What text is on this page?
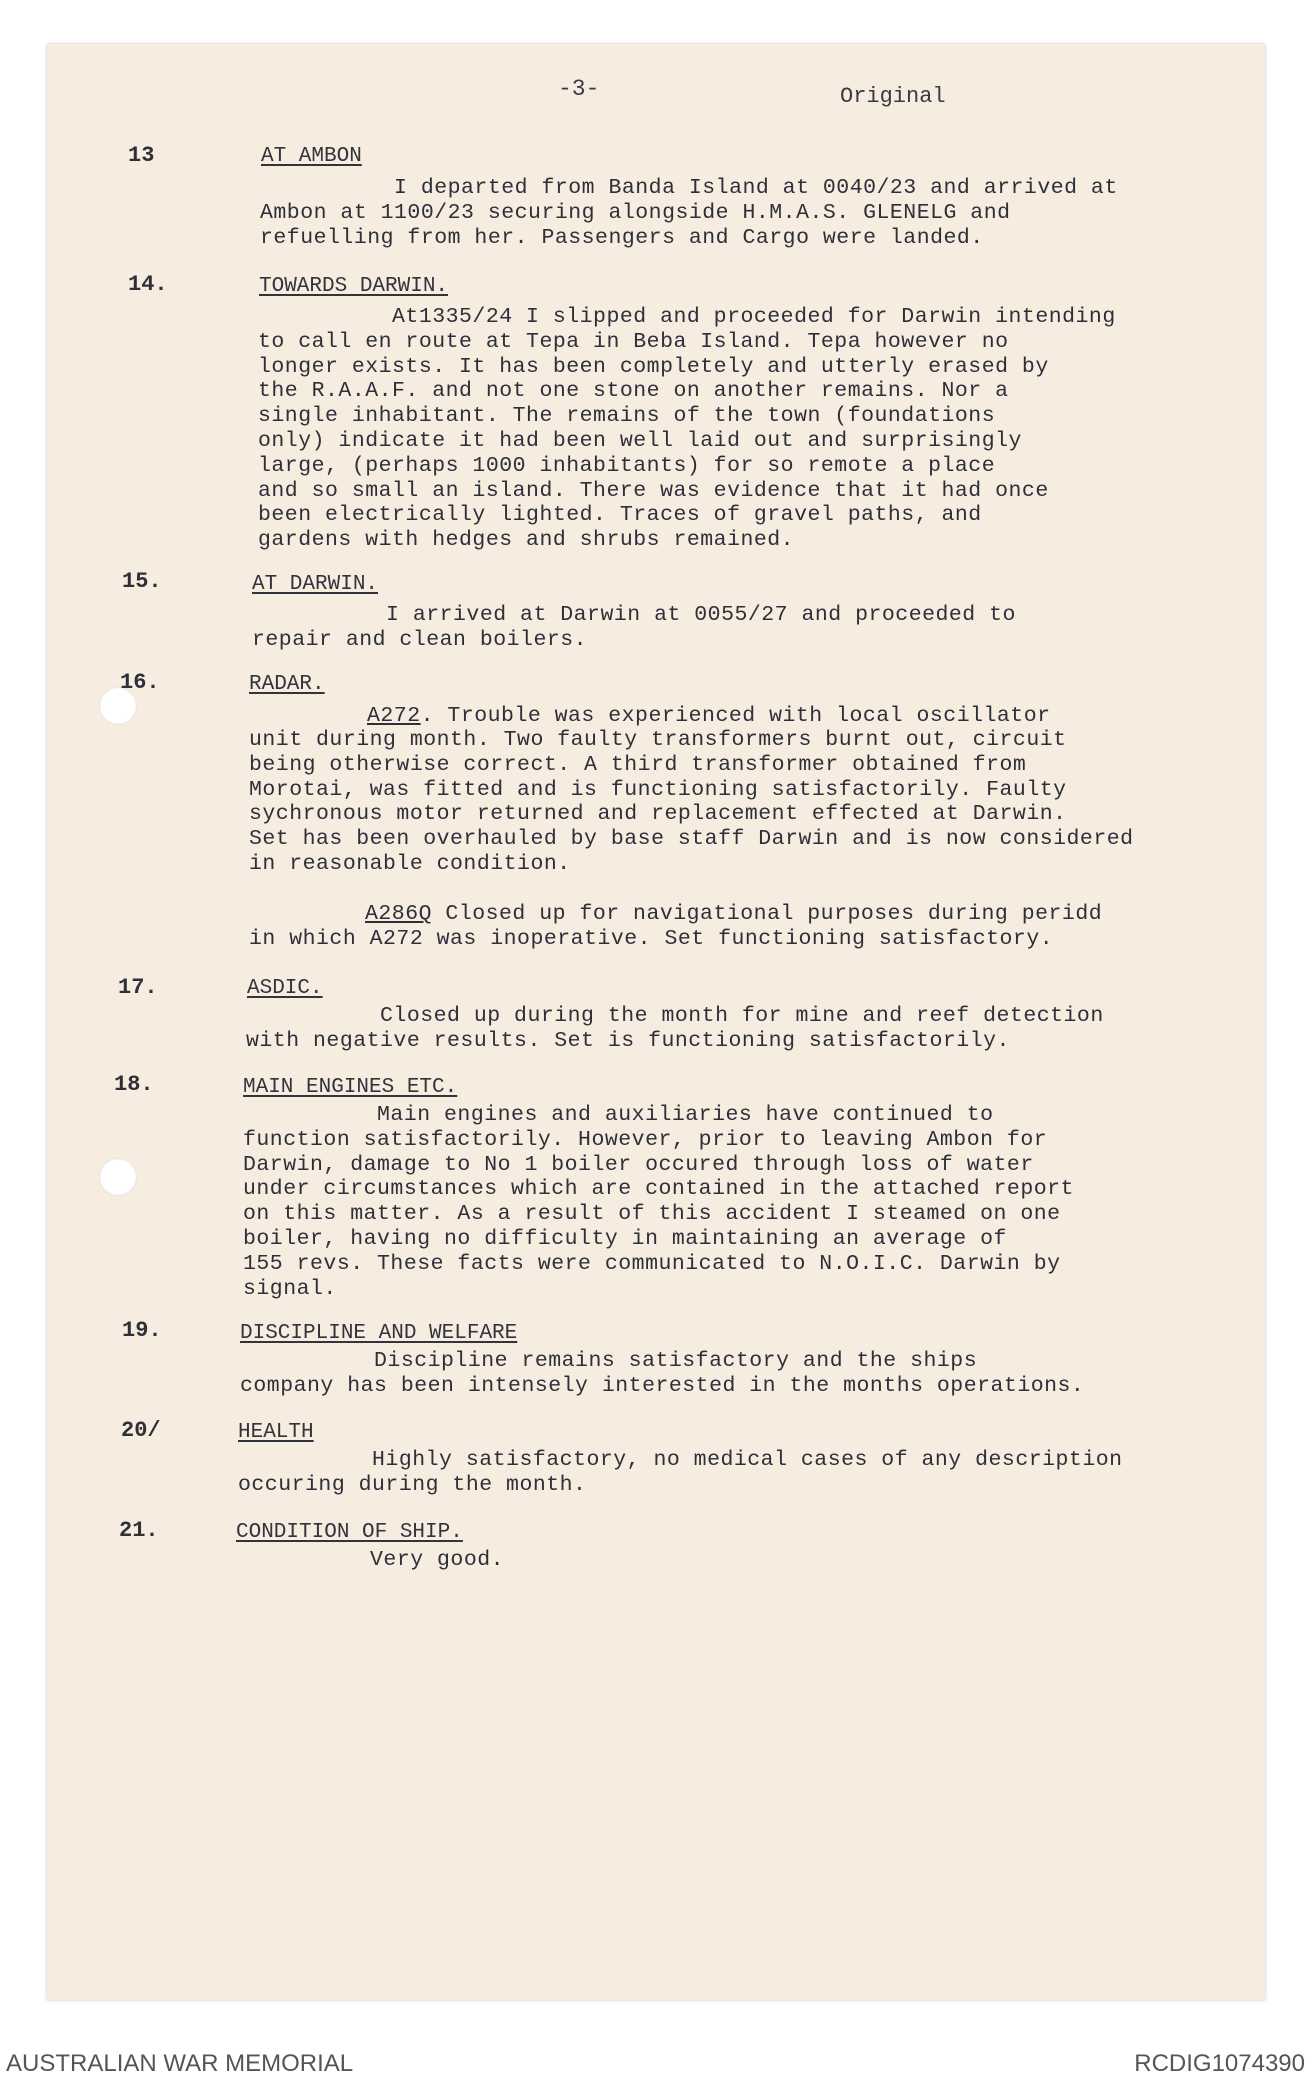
-3-	Original
13	AT AMBON
I departed from Banda Island at 0040/23 and arrived at
Ambon at 1100/23 securing alongside H.M.A.S. GLENELG and
refuelling from her. Passengers and Cargo were landed.
14.	TOWARDS DARWIN.
At1335/24 I slipped and proceeded for Darwin intending
to call en route at Tepa in Beba Island. Tepa however no
longer exists. It has been completely and utterly erased by
the R.A.A.F. and not one stone on another remains. Nor a
single inhabitant. The remains of the town (foundations
only) indicate it had been well laid out and surprisingly
large, (perhaps 1000 inhabitants) for so remote a place
and so small an island. There was evidence that it had once
been electrically lighted. Traces of gravel paths, and
gardens with hedges and shrubs remained.
15.	AT DARWIN.
I arrived at Darwin at 0055/27 and proceeded to
repair and clean boilers.
16.	RADAR.
A272. Trouble was experienced with local oscillator
unit during month. Two faulty transformers burnt out, circuit
being otherwise correct. A third transformer obtained from
Morotai, was fitted and is functioning satisfactorily. Faulty
sychronous motor returned and replacement effected at Darwin.
Set has been overhauled by base staff Darwin and is now considered
in reasonable condition.
A286Q Closed up for navigational purposes during peridd
in which A272 was inoperative. Set functioning satisfactory.
17.	ASDIC.
Closed up during the month for mine and reef detection
with negative results. Set is functioning satisfactorily.
18.	MAIN ENGINES ETC.
Main engines and auxiliaries have continued to
function satisfactorily. However, prior to leaving Ambon for
Darwin, damage to No 1 boiler occured through loss of water
under circumstances which are contained in the attached report
on this matter. As a result of this accident I steamed on one
boiler, having no difficulty in maintaining an average of
155 revs. These facts were communicated to N.O.I.C. Darwin by
signal.
19.	DISCIPLINE AND WELFARE
Discipline remains satisfactory and the ships
company has been intensely interested in the months operations.
20/	HEALTH
Highly satisfactory, no medical cases of any description
occuring during the month.
21.	CONDITION OF SHIP.
Very good.
AUSTRALIAN WAR MEMORIAL	RCDIG1074390
